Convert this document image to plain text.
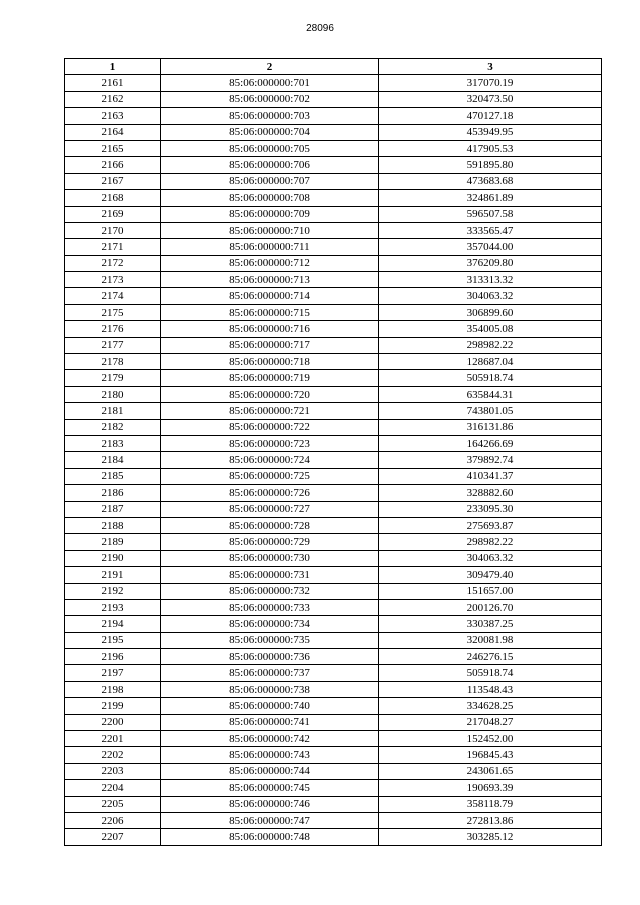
28096
1	2	3
2161	85:06:000000:701	317070.19
2162	85:06:000000:702	320473.50
2163	85:06:000000:703	470127.18
2164	85:06:000000:704	453949.95
2165	85:06:000000:705	417905.53
2166	85:06:000000:706	591895.80
2167	85:06:000000:707	473683.68
2168	85:06:000000:708	324861.89
2169	85:06:000000:709	596507.58
2170	85:06:000000:710	333565.47
2171	85:06:000000:711	357044.00
2172	85:06:000000:712	376209.80
2173	85:06:000000:713	313313.32
2174	85:06:000000:714	304063.32
2175	85:06:000000:715	306899.60
2176	85:06:000000:716	354005.08
2177	85:06:000000:717	298982.22
2178	85:06:000000:718	128687.04
2179	85:06:000000:719	505918.74
2180	85:06:000000:720	635844.31
2181	85:06:000000:721	743801.05
2182	85:06:000000:722	316131.86
2183	85:06:000000:723	164266.69
2184	85:06:000000:724	379892.74
2185	85:06:000000:725	410341.37
2186	85:06:000000:726	328882.60
2187	85:06:000000:727	233095.30
2188	85:06:000000:728	275693.87
2189	85:06:000000:729	298982.22
2190	85:06:000000:730	304063.32
2191	85:06:000000:731	309479.40
2192	85:06:000000:732	151657.00
2193	85:06:000000:733	200126.70
2194	85:06:000000:734	330387.25
2195	85:06:000000:735	320081.98
2196	85:06:000000:736	246276.15
2197	85:06:000000:737	505918.74
2198	85:06:000000:738	113548.43
2199	85:06:000000:740	334628.25
2200	85:06:000000:741	217048.27
2201	85:06:000000:742	152452.00
2202	85:06:000000:743	196845.43
2203	85:06:000000:744	243061.65
2204	85:06:000000:745	190693.39
2205	85:06:000000:746	358118.79
2206	85:06:000000:747	272813.86
2207	85:06:000000:748	303285.12
